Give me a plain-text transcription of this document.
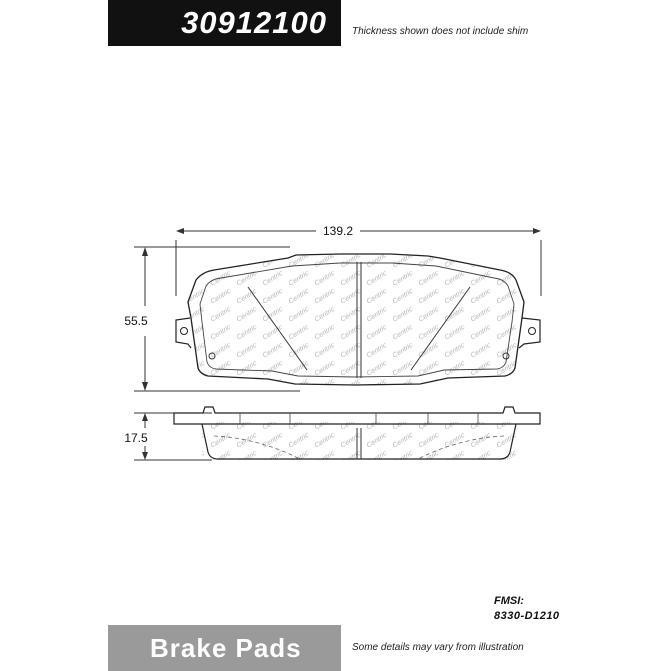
30912100	Thickness shown does not include shim
139.2
55.5
17.5
FMSI:
8330-D1210
Brake Pads	Some details may vary from illustration
